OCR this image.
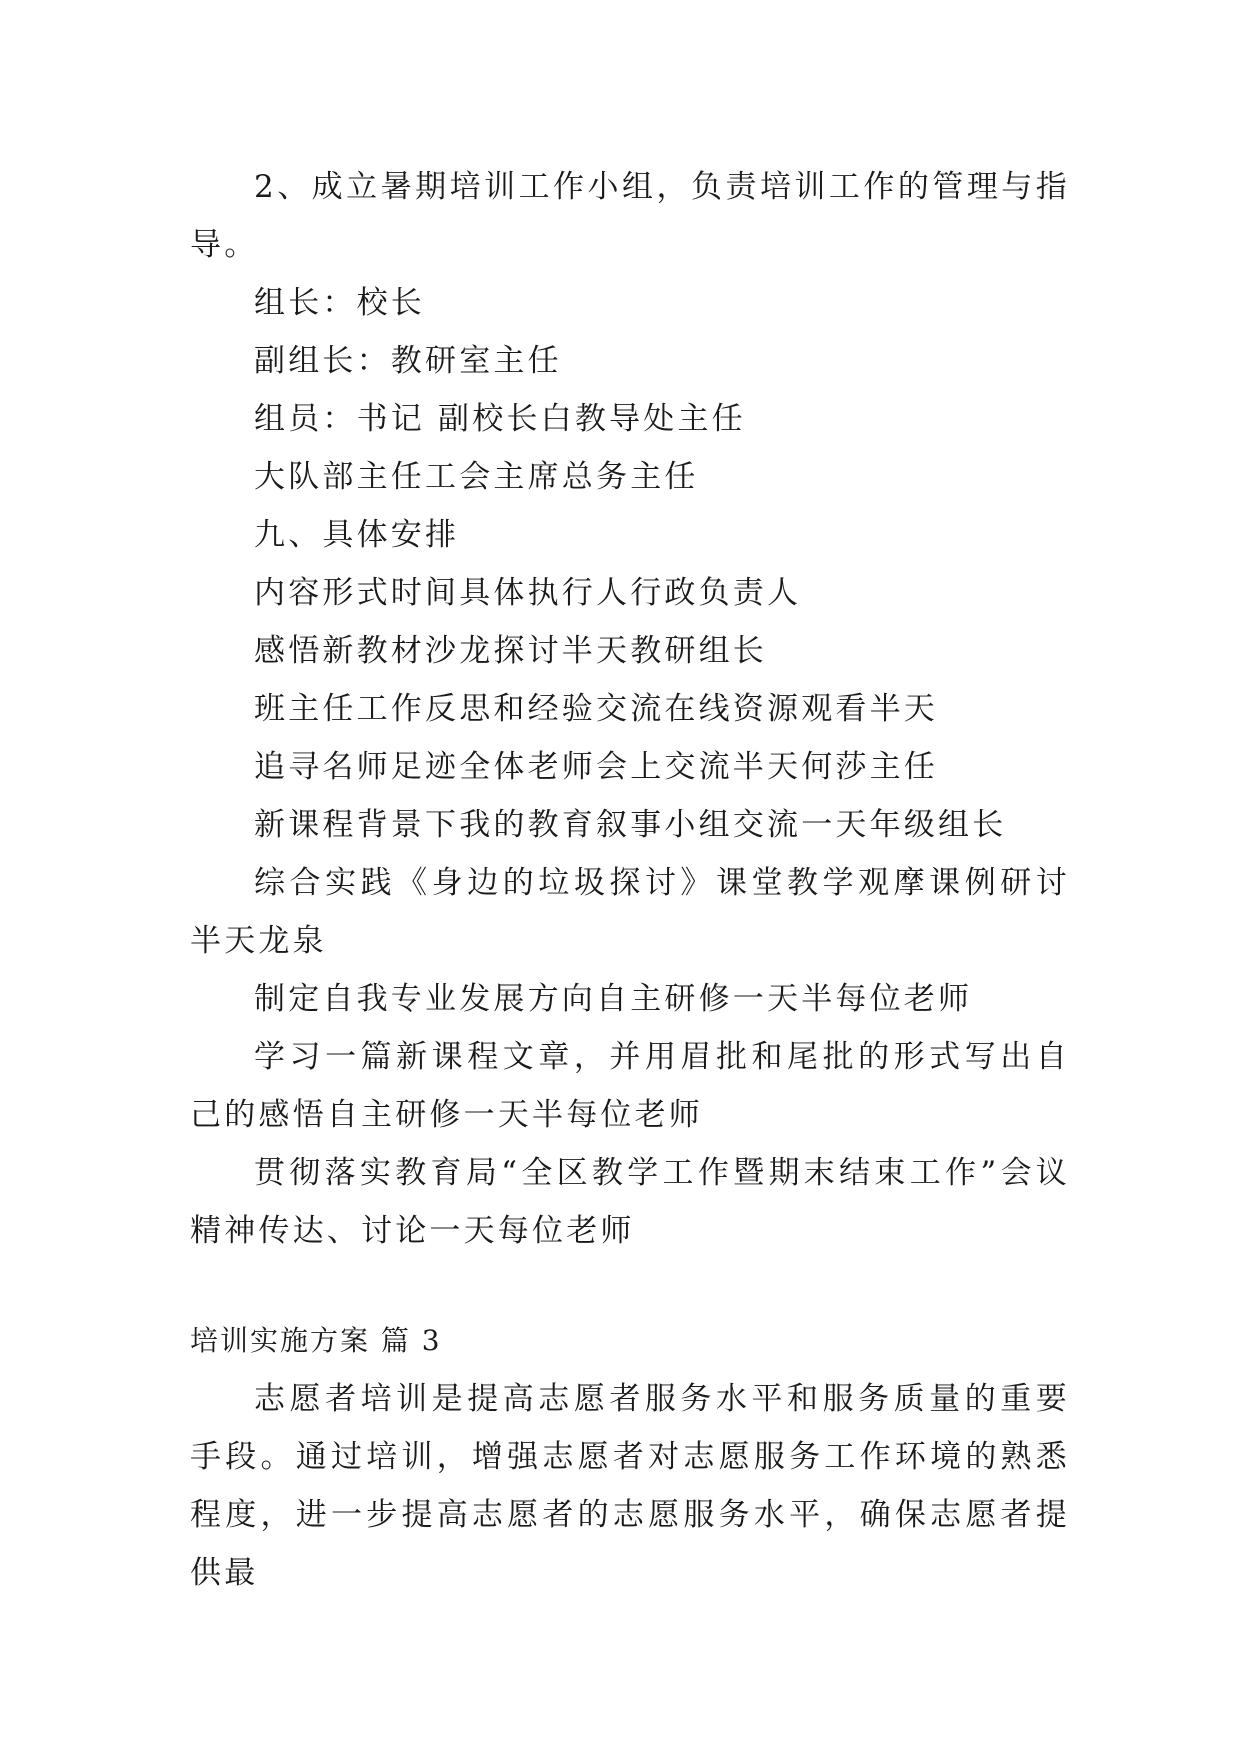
2、成立暑期培训工作小组，负责培训工作的管理与指导。

组长：校长

副组长：教研室主任

组员：书记 副校长白教导处主任

大队部主任工会主席总务主任

九、具体安排

内容形式时间具体执行人行政负责人

感悟新教材沙龙探讨半天教研组长

班主任工作反思和经验交流在线资源观看半天

追寻名师足迹全体老师会上交流半天何莎主任

新课程背景下我的教育叙事小组交流一天年级组长

综合实践《身边的垃圾探讨》课堂教学观摩课例研讨半天龙泉

制定自我专业发展方向自主研修一天半每位老师

学习一篇新课程文章，并用眉批和尾批的形式写出自己的感悟自主研修一天半每位老师

贯彻落实教育局“全区教学工作暨期末结束工作”会议精神传达、讨论一天每位老师

培训实施方案 篇 3

志愿者培训是提高志愿者服务水平和服务质量的重要手段。通过培训，增强志愿者对志愿服务工作环境的熟悉程度，进一步提高志愿者的志愿服务水平，确保志愿者提供最
